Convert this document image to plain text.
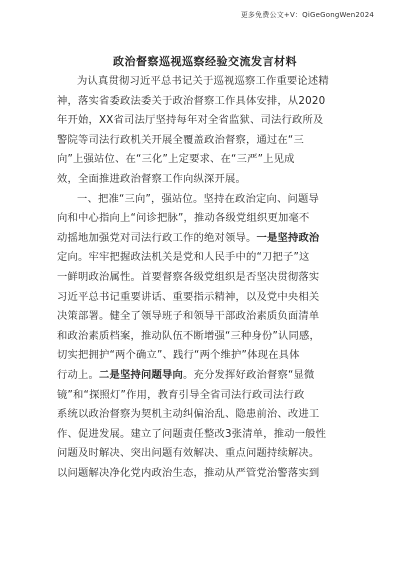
更多免费公文+V：QiGeGongWen2024
政治督察巡视巡察经验交流发言材料
为认真贯彻习近平总书记关于巡视巡察工作重要论述精
神，落实省委政法委关于政治督察工作具体安排，从2020
年开始，XX省司法厅坚持每年对全省监狱、司法行政所及
警院等司法行政机关开展全覆盖政治督察，通过在“三
向”上强站位、在“三化”上定要求、在“三严”上见成
效，全面推进政治督察工作向纵深开展。
一、把准“三向”，强站位。坚持在政治定向、问题导
向和中心指向上“问诊把脉”，推动各级党组织更加毫不
动摇地加强党对司法行政工作的绝对领导。一是坚持政治
定向。牢牢把握政法机关是党和人民手中的“刀把子”这
一鲜明政治属性。首要督察各级党组织是否坚决贯彻落实
习近平总书记重要讲话、重要指示精神，以及党中央相关
决策部署。健全了领导班子和领导干部政治素质负面清单
和政治素质档案，推动队伍不断增强“三种身份”认同感，
切实把拥护“两个确立”、践行“两个维护”体现在具体
行动上。二是坚持问题导向。充分发挥好政治督察“显微
镜”和“探照灯”作用，教育引导全省司法行政司法行政
系统以政治督察为契机主动纠偏治乱、隐患前治、改进工
作、促进发展。建立了问题责任整改3张清单，推动一般性
问题及时解决、突出问题有效解决、重点问题持续解决。
以问题解决净化党内政治生态，推动从严管党治警落实到
